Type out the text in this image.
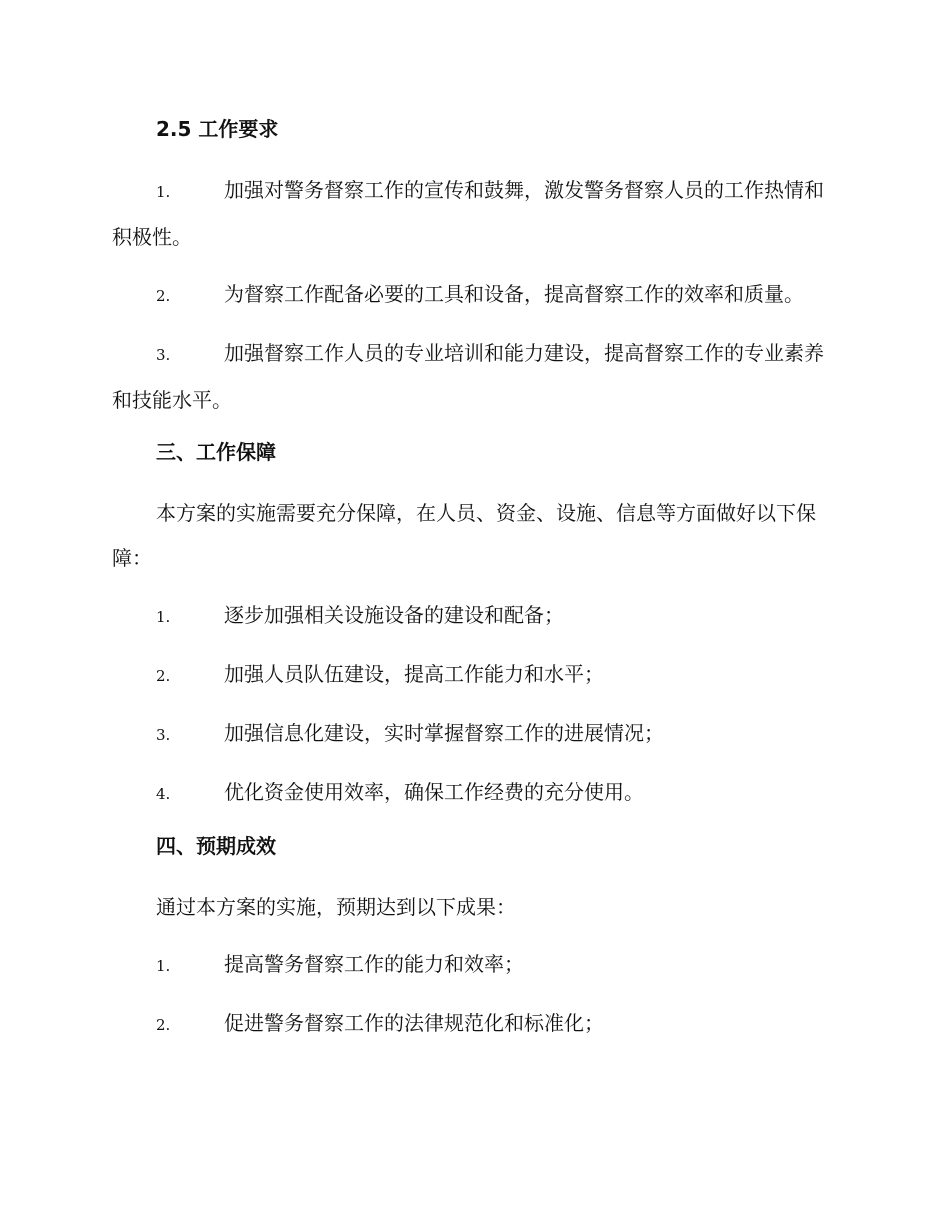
2.5 工作要求
1.	加强对警务督察工作的宣传和鼓舞，激发警务督察人员的工作热情和积极性。
2.	为督察工作配备必要的工具和设备，提高督察工作的效率和质量。
3.	加强督察工作人员的专业培训和能力建设，提高督察工作的专业素养和技能水平。
三、工作保障

本方案的实施需要充分保障，在人员、资金、设施、信息等方面做好以下保障：

1.	逐步加强相关设施设备的建设和配备；
2.	加强人员队伍建设，提高工作能力和水平；
3.	加强信息化建设，实时掌握督察工作的进展情况；
4.	优化资金使用效率，确保工作经费的充分使用。
四、预期成效

通过本方案的实施，预期达到以下成果：

1.	提高警务督察工作的能力和效率；
2.	促进警务督察工作的法律规范化和标准化；
